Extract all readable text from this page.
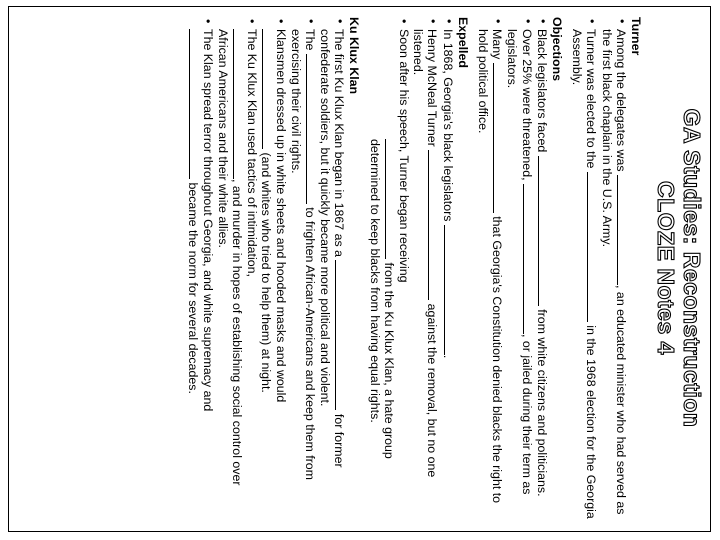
GA Studies: Reconstruction
CLOZE Notes 4
Turner
• Among the delegates was , an educated minister who had served as the first black chaplain in the U.S. Army.
• Turner was elected to the  in the 1968 election for the Georgia Assembly.
Objections
• Black legislators faced  from white citizens and politicians.
• Over 25% were threatened, , or jailed during their term as legislators.
• Many  that Georgia's Constitution denied blacks the right to hold political office.
Expelled
• In 1868, Georgia's black legislators .
• Henry McNeal Turner  against the removal, but no one listened.
• Soon after his speech, Turner began receiving
from the Ku Klux Klan, a hate group determined to keep blacks from having equal rights.
Ku Klux Klan
• The first Ku Klux Klan began in 1867 as a  for former confederate soldiers, but it quickly became more political and violent.
• The  to frighten African-Americans and keep them from exercising their civil rights.
• Klansmen dressed up in white sheets and hooded masks and would
(and whites who tried to help them) at night.
• The Ku Klux Klan used tactics of intimidation,
, and murder in hopes of establishing social control over African Americans and their white allies.
• The Klan spread terror throughout Georgia, and white supremacy and
became the norm for several decades.
